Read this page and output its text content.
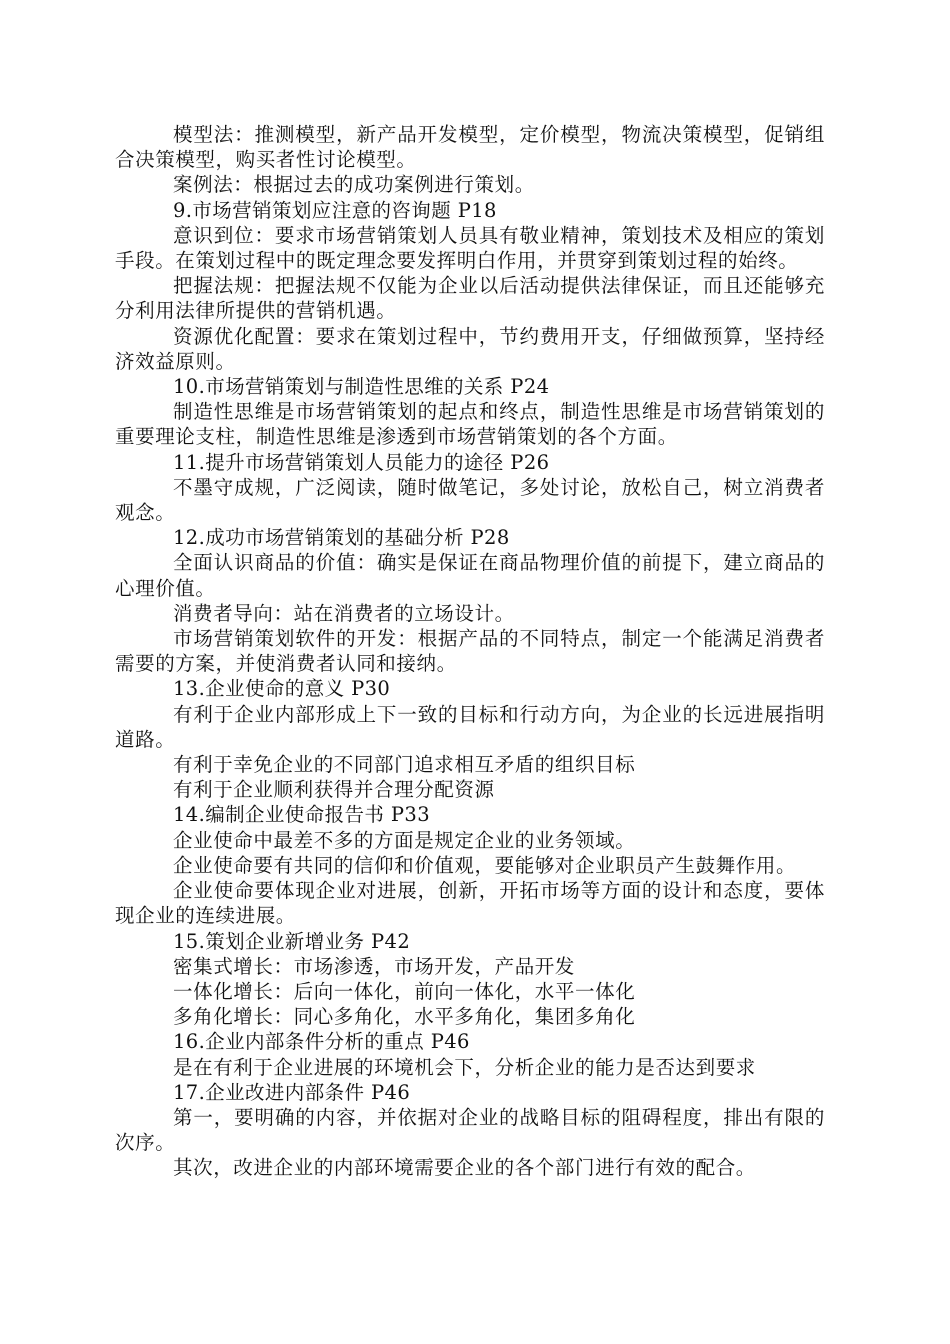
模型法：推测模型，新产品开发模型，定价模型，物流决策模型，促销组合决策模型，购买者性讨论模型。

案例法：根据过去的成功案例进行策划。

9.市场营销策划应注意的咨询题 P18

意识到位：要求市场营销策划人员具有敬业精神，策划技术及相应的策划手段。在策划过程中的既定理念要发挥明白作用，并贯穿到策划过程的始终。

把握法规：把握法规不仅能为企业以后活动提供法律保证，而且还能够充分利用法律所提供的营销机遇。

资源优化配置：要求在策划过程中，节约费用开支，仔细做预算，坚持经济效益原则。

10.市场营销策划与制造性思维的关系 P24

制造性思维是市场营销策划的起点和终点，制造性思维是市场营销策划的重要理论支柱，制造性思维是渗透到市场营销策划的各个方面。

11.提升市场营销策划人员能力的途径 P26

不墨守成规，广泛阅读，随时做笔记，多处讨论，放松自己，树立消费者观念。

12.成功市场营销策划的基础分析 P28

全面认识商品的价值：确实是保证在商品物理价值的前提下，建立商品的心理价值。

消费者导向：站在消费者的立场设计。

市场营销策划软件的开发：根据产品的不同特点，制定一个能满足消费者需要的方案，并使消费者认同和接纳。

13.企业使命的意义 P30

有利于企业内部形成上下一致的目标和行动方向，为企业的长远进展指明道路。

有利于幸免企业的不同部门追求相互矛盾的组织目标

有利于企业顺利获得并合理分配资源

14.编制企业使命报告书 P33

企业使命中最差不多的方面是规定企业的业务领域。

企业使命要有共同的信仰和价值观，要能够对企业职员产生鼓舞作用。

企业使命要体现企业对进展，创新，开拓市场等方面的设计和态度，要体现企业的连续进展。

15.策划企业新增业务 P42

密集式增长：市场渗透，市场开发，产品开发

一体化增长：后向一体化，前向一体化，水平一体化

多角化增长：同心多角化，水平多角化，集团多角化

16.企业内部条件分析的重点 P46

是在有利于企业进展的环境机会下，分析企业的能力是否达到要求

17.企业改进内部条件 P46

第一，要明确的内容，并依据对企业的战略目标的阻碍程度，排出有限的次序。

其次，改进企业的内部环境需要企业的各个部门进行有效的配合。
